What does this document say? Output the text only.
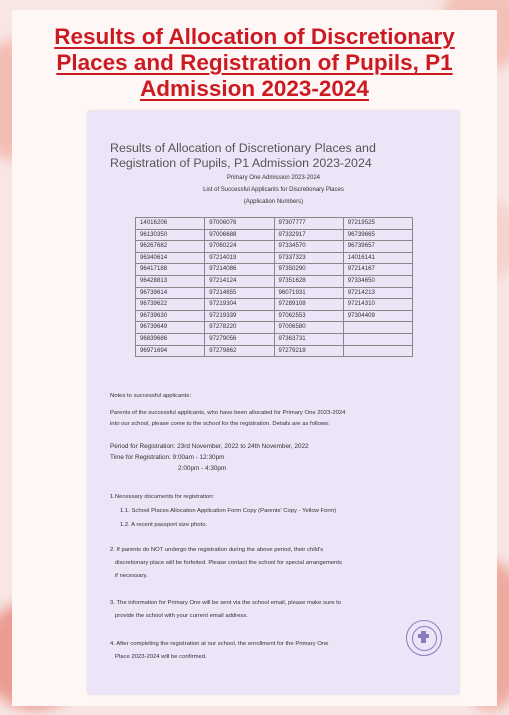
Results of Allocation of Discretionary
Places and Registration of Pupils, P1
Admission 2023-2024
Results of Allocation of Discretionary Places and
Registration of Pupils, P1 Admission 2023-2024
Primary One Admission 2023-2024
List of Successful Applicants for Discretionary Places
(Application Numbers)
14016206	97006076	97307777	97219525
96130350	97006688	97332917	96739665
96267682	97060224	97334570	96739657
96340614	97214019	97337323	14016141
96417188	97214086	97350290	97214167
96428813	97214124	97351628	97334650
96739614	97214655	96071931	97214213
96739622	97219304	97289108	97214310
96739630	97219339	97062553	97304409
96739649	97278220	97006580	
96839686	97279056	97363731	
96971694	97279862	97279218	
Notes to successful applicants：
Parents of the successful applicants, who have been allocated for Primary One 2023-2024
into our school, please come to the school for the registration. Details are as follows:
Period for Registration: 23rd November, 2022 to 24th November, 2022
Time for Registration: 9:00am - 12:30pm
2:00pm - 4:30pm
1.Necessary documents for registration:
1.1. School Places Allocation Application Form Copy (Parents' Copy - Yellow Form)
1.2. A recent passport size photo.
2. If parents do NOT undergo the registration during the above period, their child's
discretionary place will be forfeited. Please contact the school for special arrangements
if necessary.
3. The information for Primary One will be sent via the school email, please make sure to
provide the school with your current email address.
4. After completing the registration at our school, the enrollment for the Primary One
Place 2023-2024 will be confirmed.
